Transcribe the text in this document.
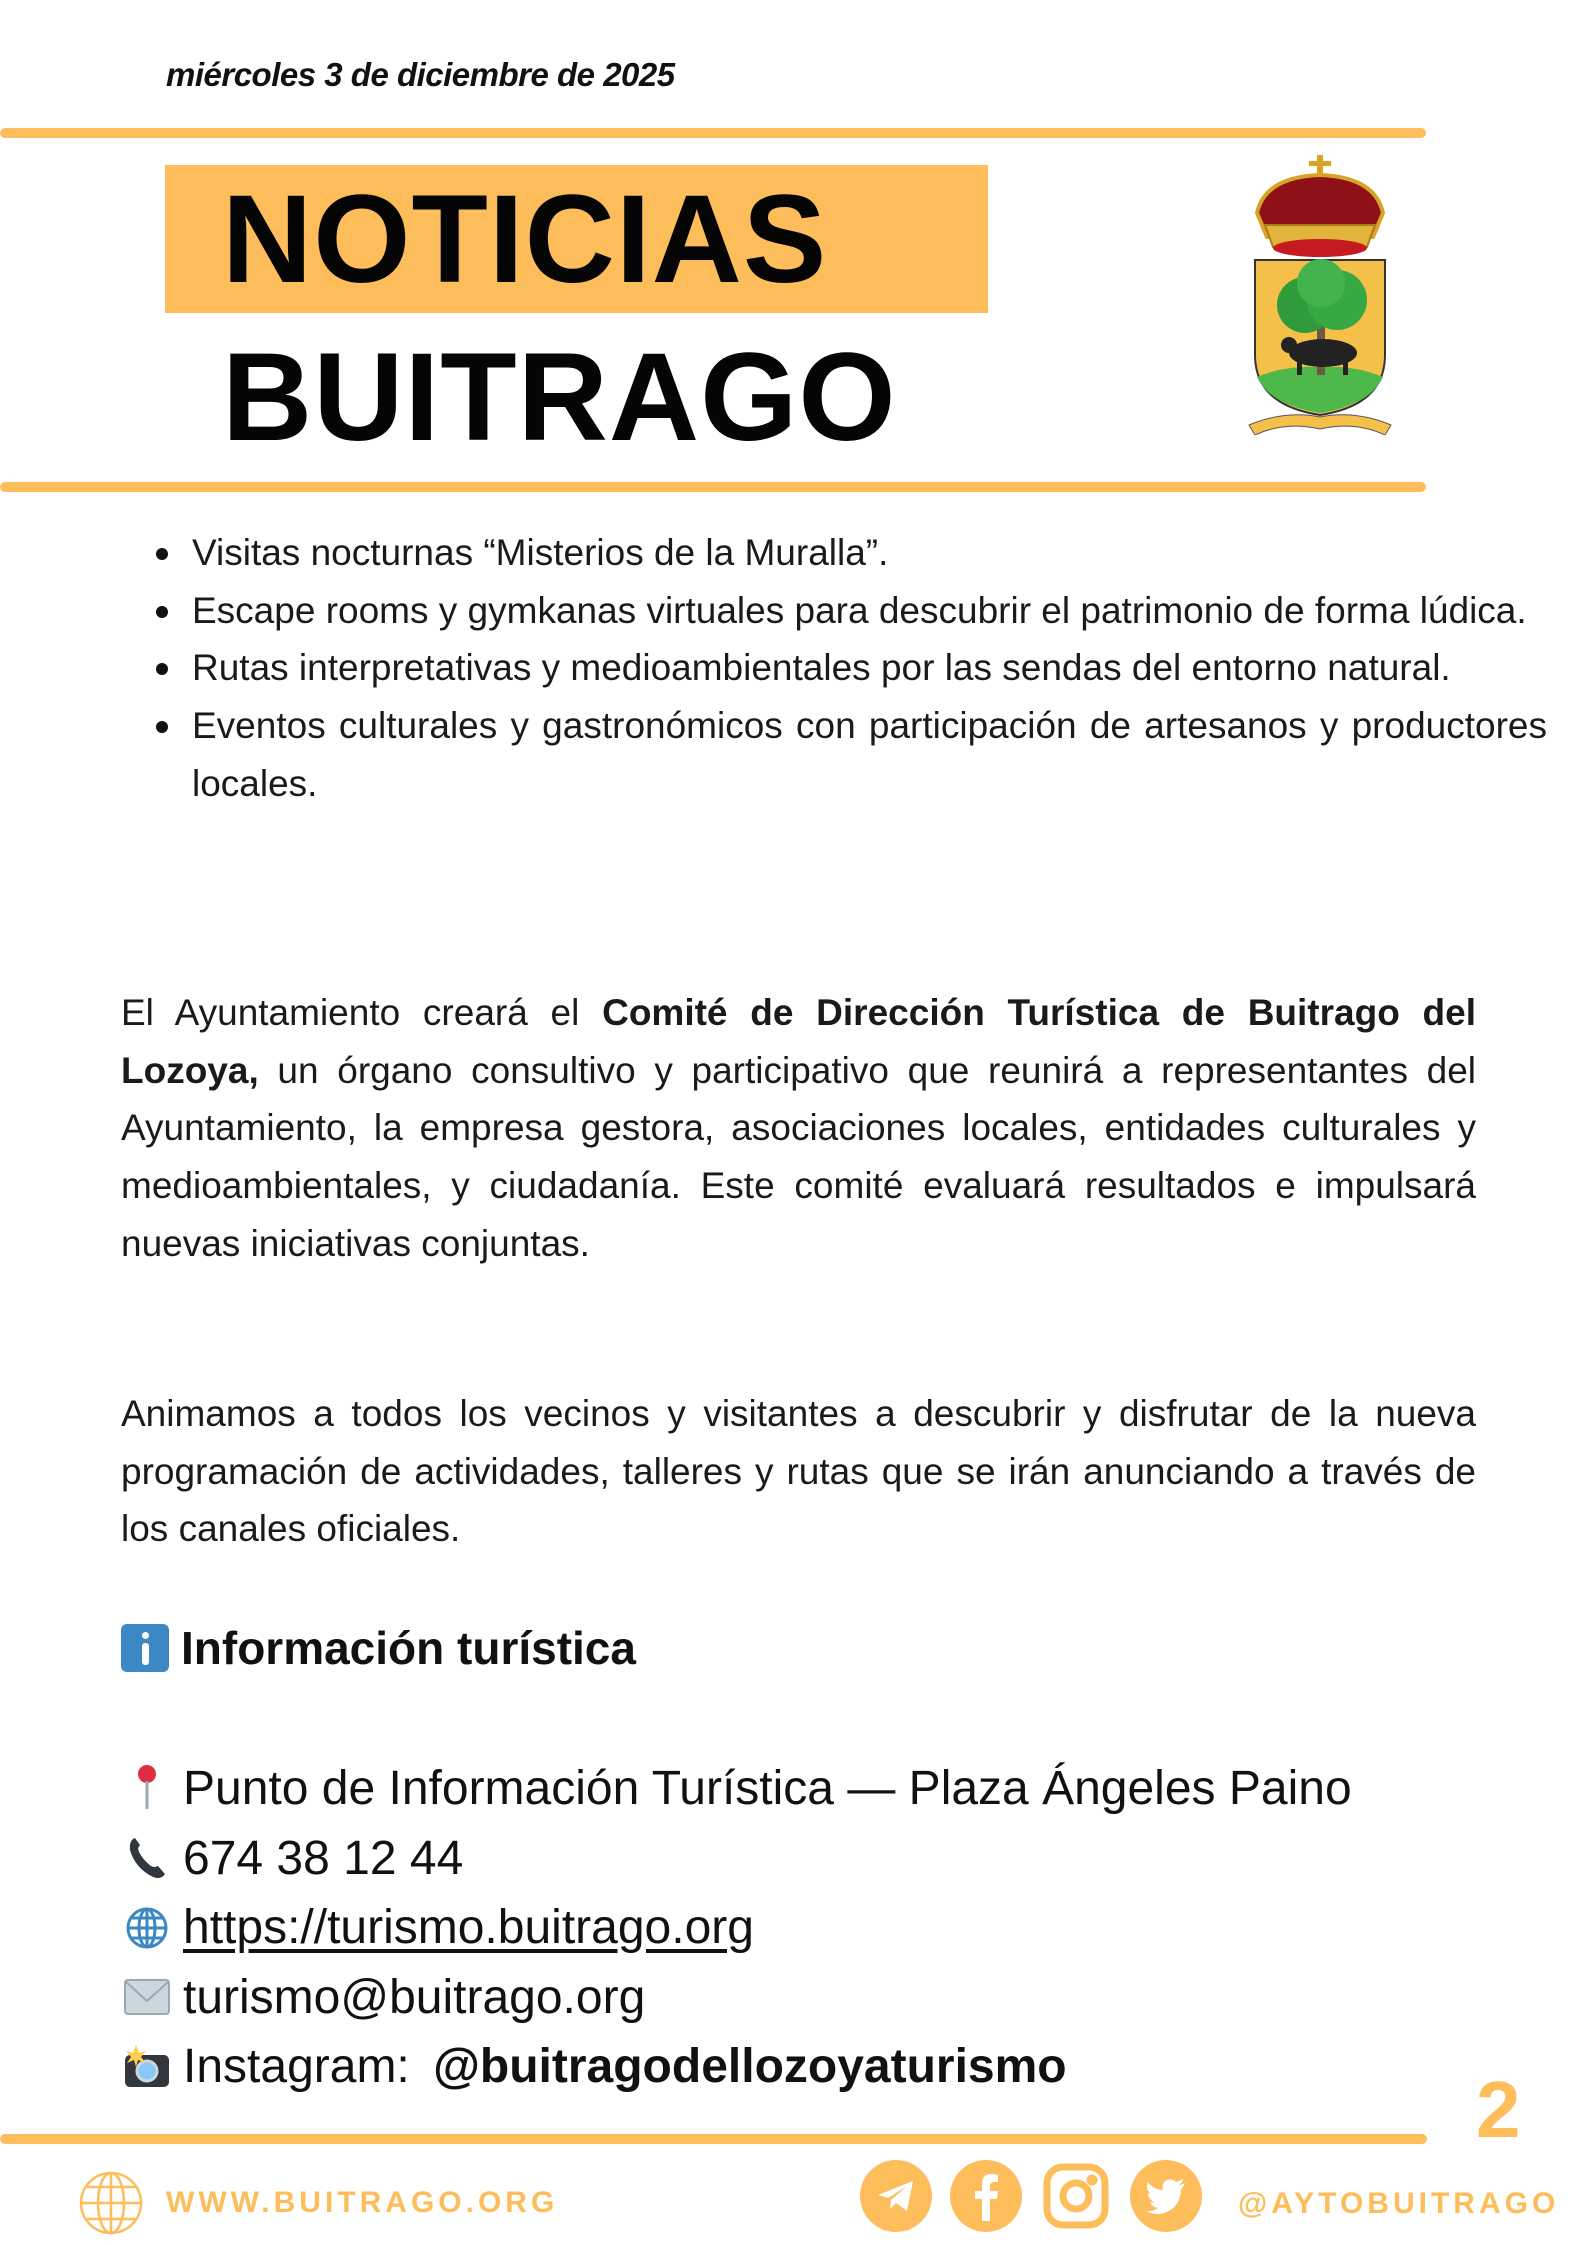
miércoles 3 de diciembre de 2025
NOTICIAS
BUITRAGO
Visitas nocturnas “Misterios de la Muralla”.
Escape rooms y gymkanas virtuales para descubrir el patrimonio de forma lúdica.
Rutas interpretativas y medioambientales por las sendas del entorno natural.
Eventos culturales y gastronómicos con participación de artesanos y productores locales.

El Ayuntamiento creará el Comité de Dirección Turística de Buitrago del Lozoya, un órgano consultivo y participativo que reunirá a representantes del Ayuntamiento, la empresa gestora, asociaciones locales, entidades culturales y medioambientales, y ciudadanía. Este comité evaluará resultados e impulsará nuevas iniciativas conjuntas.

Animamos a todos los vecinos y visitantes a descubrir y disfrutar de la nueva programación de actividades, talleres y rutas que se irán anunciando a través de los canales oficiales.

Información turística
Punto de Información Turística — Plaza Ángeles Paino
674 38 12 44
https://turismo.buitrago.org
turismo@buitrago.org
Instagram: @buitragodellozoyaturismo	2
WWW.BUITRAGO.ORG	@AYTOBUITRAGO
